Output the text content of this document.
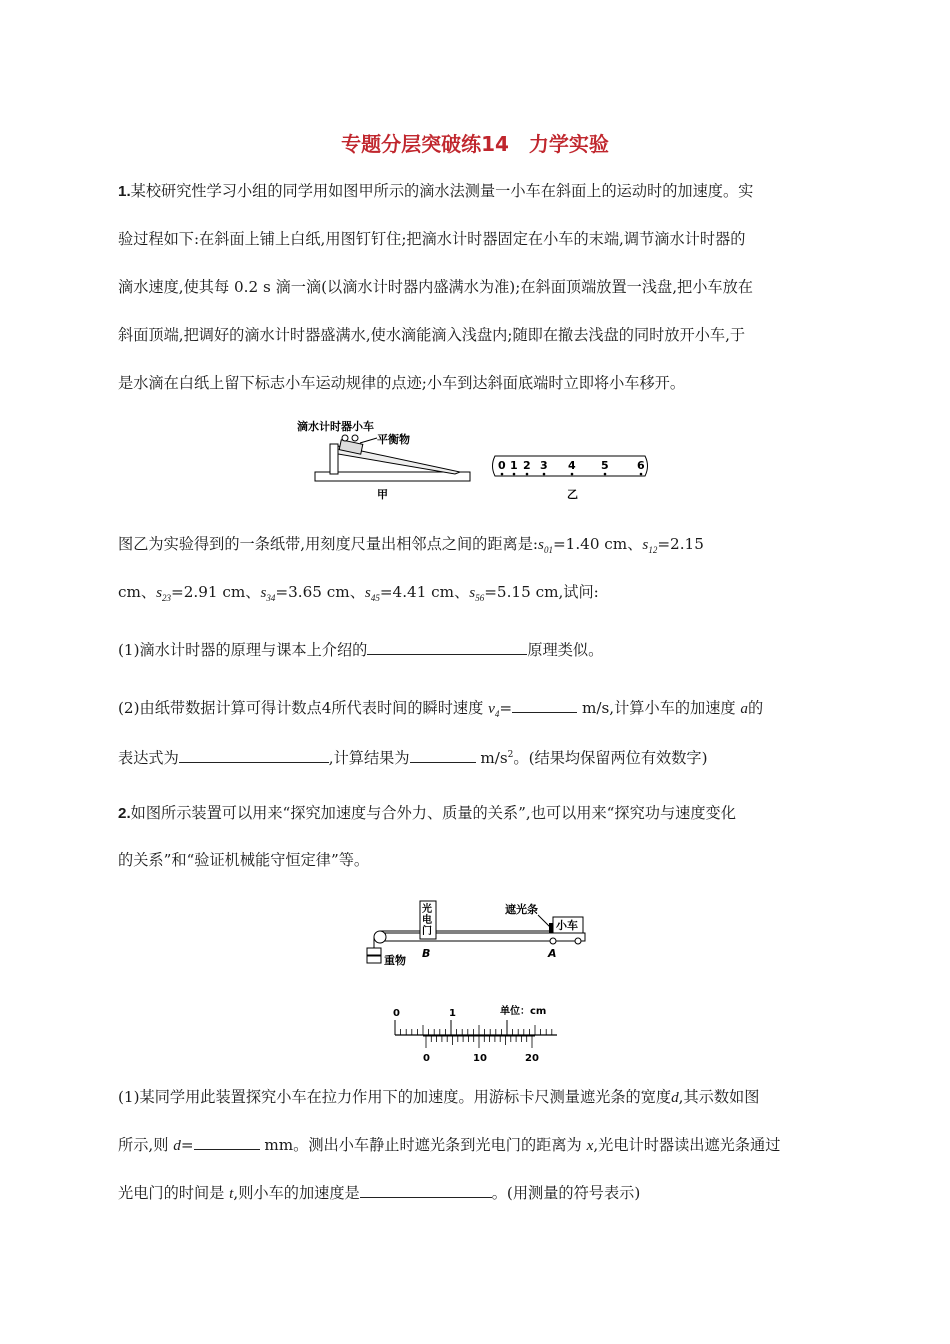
专题分层突破练14　力学实验
1.某校研究性学习小组的同学用如图甲所示的滴水法测量一小车在斜面上的运动时的加速度。实
验过程如下:在斜面上铺上白纸,用图钉钉住;把滴水计时器固定在小车的末端,调节滴水计时器的
滴水速度,使其每 0.2 s 滴一滴(以滴水计时器内盛满水为准);在斜面顶端放置一浅盘,把小车放在
斜面顶端,把调好的滴水计时器盛满水,使水滴能滴入浅盘内;随即在撤去浅盘的同时放开小车,于
是水滴在白纸上留下标志小车运动规律的点迹;小车到达斜面底端时立即将小车移开。
滴水计时器小车
平衡物
甲
0 1 2 3 4 5	6
乙
图乙为实验得到的一条纸带,用刻度尺量出相邻点之间的距离是$:s_{01}=1.40$ cm、$s_{12}=2.15$
cm、$s_{23}=2.91$ cm、$s_{34}=3.65$ cm、$s_{45}=4.41$ cm、$s_{56}=5.15$ cm,试问:
(1)滴水计时器的原理与课本上介绍的	原理类似。
(2)由纸带数据计算可得计数点4所代表时间的瞬时速度 $v_4=$	m/s,计算小车的加速度 a的
表达式为	,计算结果为	$m/s^2$。(结果均保留两位有效数字)
2.如图所示装置可以用来“探究加速度与合外力、质量的关系”,也可以用来“探究功与速度变化
的关系”和“验证机械能守恒定律”等。
重物
光
电
门
B
遮光条
小车
A
0	1	单位：cm
0	10	20
(1)某同学用此装置探究小车在拉力作用下的加速度。用游标卡尺测量遮光条的宽度d,其示数如图
所示,则 d=	mm。测出小车静止时遮光条到光电门的距离为 x,光电计时器读出遮光条通过
光电门的时间是 t,则小车的加速度是	。(用测量的符号表示)
